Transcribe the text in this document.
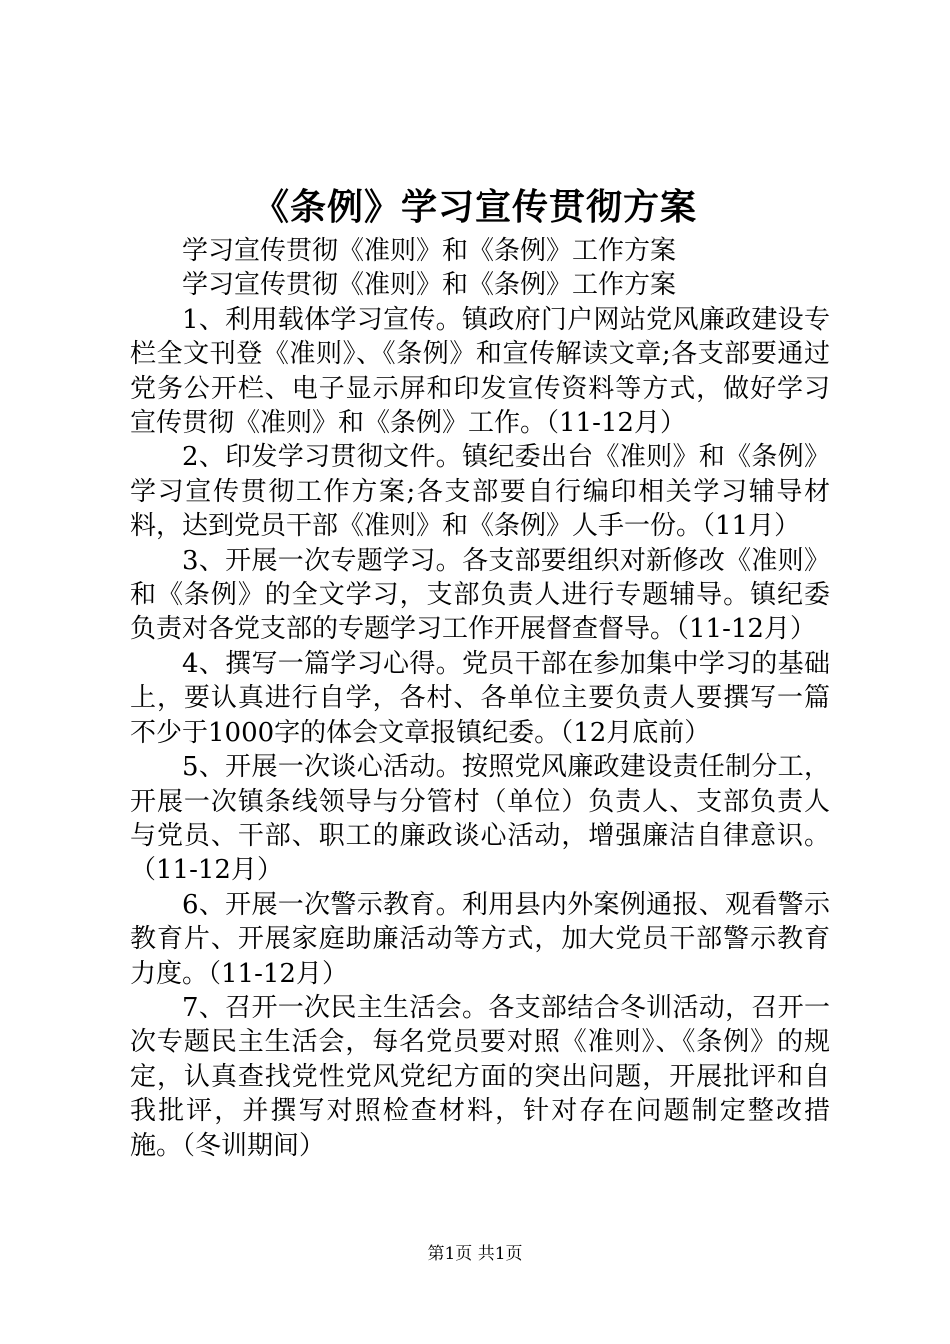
《条例》学习宣传贯彻方案

学习宣传贯彻《准则》和《条例》工作方案

学习宣传贯彻《准则》和《条例》工作方案

1、利用载体学习宣传。镇政府门户网站党风廉政建设专栏全文刊登《准则》、《条例》和宣传解读文章;各支部要通过党务公开栏、电子显示屏和印发宣传资料等方式，做好学习宣传贯彻《准则》和《条例》工作。（11-12月）

2、印发学习贯彻文件。镇纪委出台《准则》和《条例》学习宣传贯彻工作方案;各支部要自行编印相关学习辅导材料，达到党员干部《准则》和《条例》人手一份。（11月）

3、开展一次专题学习。各支部要组织对新修改《准则》和《条例》的全文学习，支部负责人进行专题辅导。镇纪委负责对各党支部的专题学习工作开展督查督导。（11-12月）

4、撰写一篇学习心得。党员干部在参加集中学习的基础上，要认真进行自学，各村、各单位主要负责人要撰写一篇不少于1000字的体会文章报镇纪委。（12月底前）

5、开展一次谈心活动。按照党风廉政建设责任制分工，开展一次镇条线领导与分管村（单位）负责人、支部负责人与党员、干部、职工的廉政谈心活动，增强廉洁自律意识。（11-12月）

6、开展一次警示教育。利用县内外案例通报、观看警示教育片、开展家庭助廉活动等方式，加大党员干部警示教育力度。（11-12月）

7、召开一次民主生活会。各支部结合冬训活动，召开一次专题民主生活会，每名党员要对照《准则》、《条例》的规定，认真查找党性党风党纪方面的突出问题，开展批评和自我批评，并撰写对照检查材料，针对存在问题制定整改措施。（冬训期间）

第1页 共1页
